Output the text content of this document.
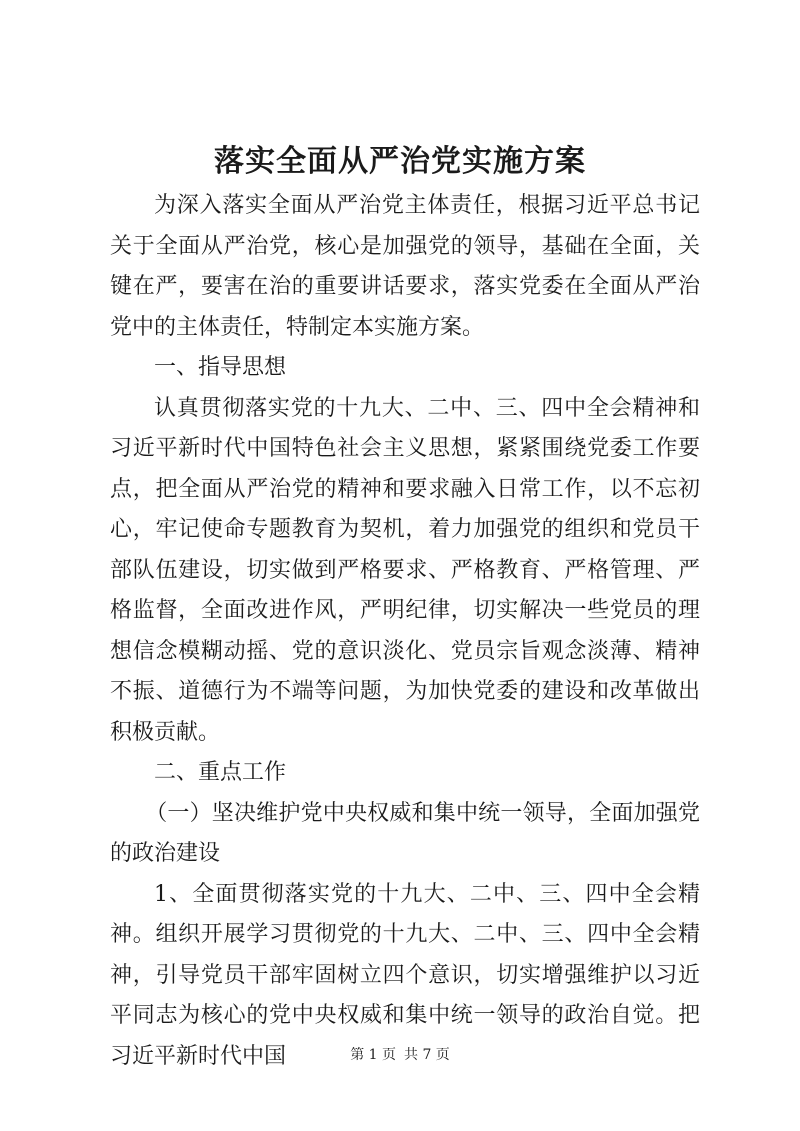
落实全面从严治党实施方案

为深入落实全面从严治党主体责任，根据习近平总书记关于全面从严治党，核心是加强党的领导，基础在全面，关键在严，要害在治的重要讲话要求，落实党委在全面从严治党中的主体责任，特制定本实施方案。

一、指导思想

认真贯彻落实党的十九大、二中、三、四中全会精神和习近平新时代中国特色社会主义思想，紧紧围绕党委工作要点，把全面从严治党的精神和要求融入日常工作，以不忘初心，牢记使命专题教育为契机，着力加强党的组织和党员干部队伍建设，切实做到严格要求、严格教育、严格管理、严格监督，全面改进作风，严明纪律，切实解决一些党员的理想信念模糊动摇、党的意识淡化、党员宗旨观念淡薄、精神不振、道德行为不端等问题，为加快党委的建设和改革做出积极贡献。

二、重点工作

（一）坚决维护党中央权威和集中统一领导，全面加强党的政治建设

1、全面贯彻落实党的十九大、二中、三、四中全会精神。组织开展学习贯彻党的十九大、二中、三、四中全会精神，引导党员干部牢固树立四个意识，切实增强维护以习近平同志为核心的党中央权威和集中统一领导的政治自觉。把习近平新时代中国	第 1 页 共 7 页
